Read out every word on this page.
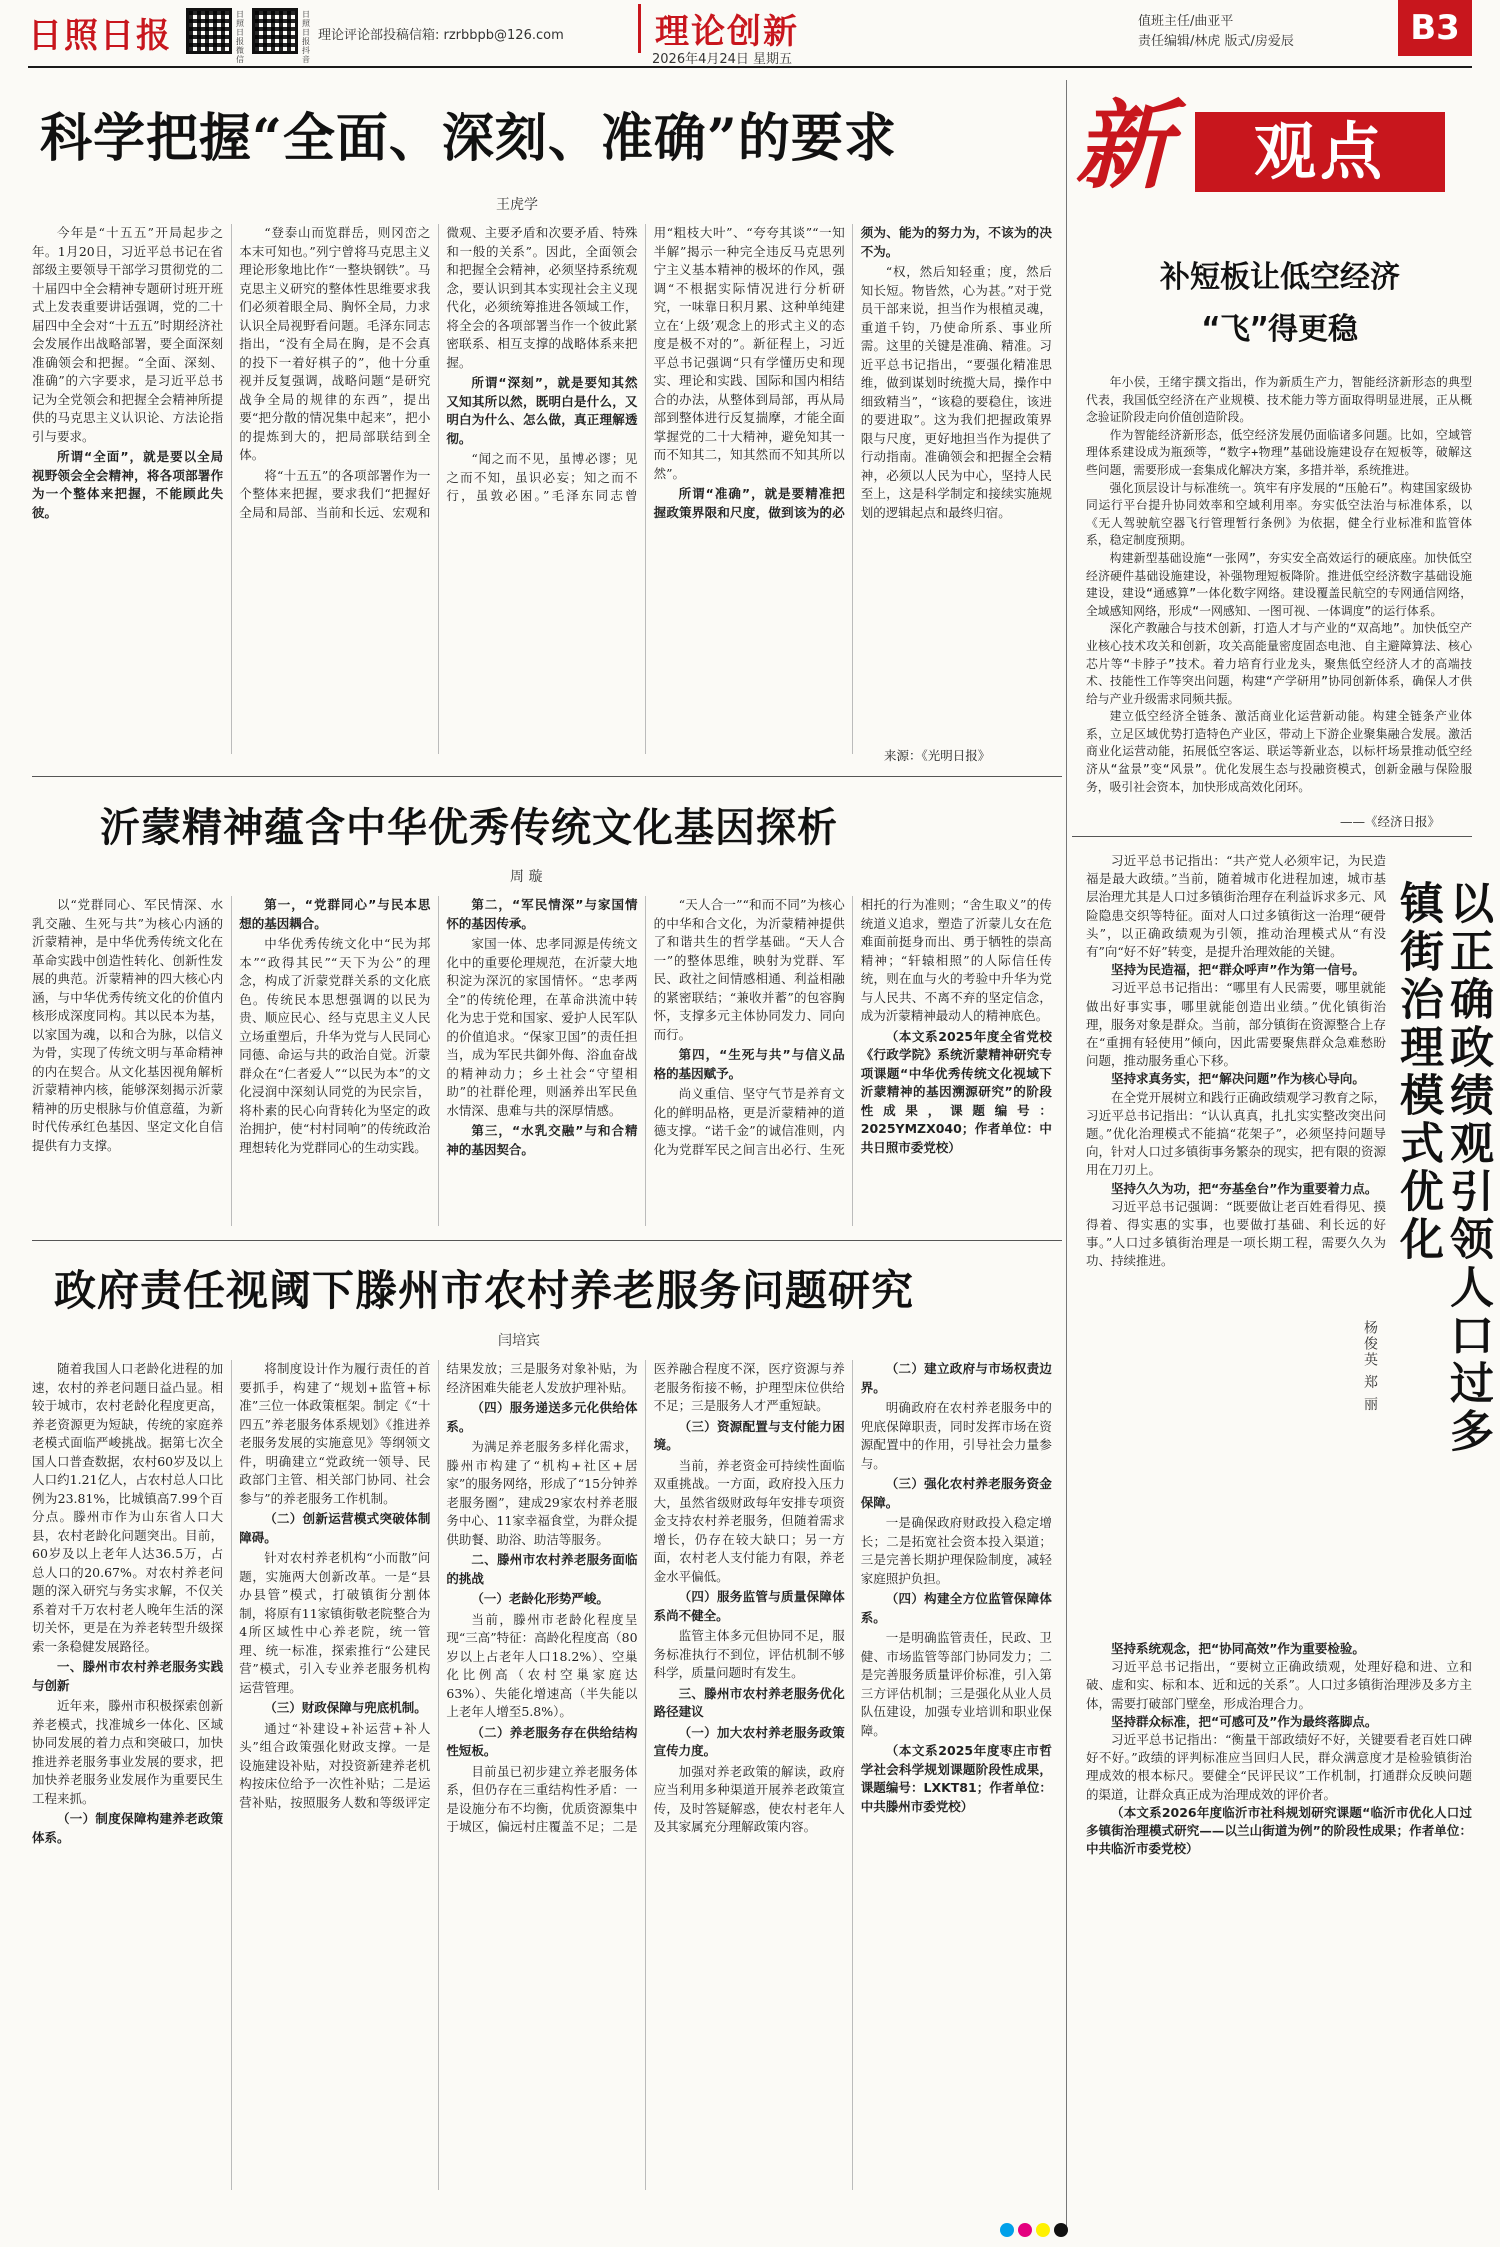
日照日报
日照日报微信
日照日报抖音
理论评论部投稿信箱: rzrbbpb@126.com	理论创新
2026年4月24日 星期五
值班主任/曲亚平
责任编辑/林虎 版式/房爱辰	B3
科学把握“全面、深刻、准确”的要求
王虎学

今年是“十五五”开局起步之年。1月20日，习近平总书记在省部级主要领导干部学习贯彻党的二十届四中全会精神专题研讨班开班式上发表重要讲话强调，党的二十届四中全会对“十五五”时期经济社会发展作出战略部署，要全面深刻准确领会和把握。“全面、深刻、准确”的六字要求，是习近平总书记为全党领会和把握全会精神所提供的马克思主义认识论、方法论指引与要求。

所谓“全面”，就是要以全局视野领会全会精神，将各项部署作为一个整体来把握，不能顾此失彼。

“登泰山而览群岳，则冈峦之本末可知也。”列宁曾将马克思主义理论形象地比作“一整块钢铁”。马克思主义研究的整体性思维要求我们必须着眼全局、胸怀全局，力求认识全局视野看问题。毛泽东同志指出，“没有全局在胸，是不会真的投下一着好棋子的”，他十分重视并反复强调，战略问题“是研究战争全局的规律的东西”，提出要“把分散的情况集中起来”，把小的提炼到大的，把局部联结到全体。

将“十五五”的各项部署作为一个整体来把握，要求我们“把握好全局和局部、当前和长远、宏观和微观、主要矛盾和次要矛盾、特殊和一般的关系”。因此，全面领会和把握全会精神，必须坚持系统观念，要认识到其本实现社会主义现代化，必须统筹推进各领域工作，将全会的各项部署当作一个彼此紧密联系、相互支撑的战略体系来把握。

所谓“深刻”，就是要知其然又知其所以然，既明白是什么，又明白为什么、怎么做，真正理解透彻。

“闻之而不见，虽博必谬；见之而不知，虽识必妄；知之而不行，虽敦必困。”毛泽东同志曾用“粗枝大叶”、“夸夸其谈”“一知半解”揭示一种完全违反马克思列宁主义基本精神的极坏的作风，强调“不根据实际情况进行分析研究，一味靠日积月累、这种单纯建立在‘上级’观念上的形式主义的态度是极不对的”。新征程上，习近平总书记强调“只有学懂历史和现实、理论和实践、国际和国内相结合的办法，从整体到局部，再从局部到整体进行反复揣摩，才能全面掌握党的二十大精神，避免知其一而不知其二，知其然而不知其所以然”。

所谓“准确”，就是要精准把握政策界限和尺度，做到该为的必须为、能为的努力为，不该为的决不为。

“权，然后知轻重；度，然后知长短。物皆然，心为甚。”对于党员干部来说，担当作为根植灵魂，重道千钧，乃使命所系、事业所需。这里的关键是准确、精准。习近平总书记指出，“要强化精准思维，做到谋划时统揽大局，操作中细致精当”，“该稳的要稳住，该进的要进取”。这为我们把握政策界限与尺度，更好地担当作为提供了行动指南。准确领会和把握全会精神，必须以人民为中心，坚持人民至上，这是科学制定和接续实施规划的逻辑起点和最终归宿。

来源：《光明日报》
新	观点
补短板让低空经济
“飞”得更稳

年小侯，王绪宇撰文指出，作为新质生产力，智能经济新形态的典型代表，我国低空经济在产业规模、技术能力等方面取得明显进展，正从概念验证阶段走向价值创造阶段。

作为智能经济新形态，低空经济发展仍面临诸多问题。比如，空域管理体系建设成为瓶颈等，“数字+物理”基础设施建设存在短板等，破解这些问题，需要形成一套集成化解决方案，多措并举，系统推进。

强化顶层设计与标准统一。筑牢有序发展的“压舱石”。构建国家级协同运行平台提升协同效率和空域利用率。夯实低空法治与标准体系，以《无人驾驶航空器飞行管理暂行条例》为依据，健全行业标准和监管体系，稳定制度预期。

构建新型基础设施“一张网”，夯实安全高效运行的硬底座。加快低空经济硬件基础设施建设，补强物理短板降阶。推进低空经济数字基础设施建设，建设“通感算”一体化数字网络。建设覆盖民航空的专网通信网络，全域感知网络，形成“一网感知、一图可视、一体调度”的运行体系。

深化产教融合与技术创新，打造人才与产业的“双高地”。加快低空产业核心技术攻关和创新，攻关高能量密度固态电池、自主避障算法、核心芯片等“卡脖子”技术。着力培育行业龙头，聚焦低空经济人才的高端技术、技能性工作等突出问题，构建“产学研用”协同创新体系，确保人才供给与产业升级需求同频共振。

建立低空经济全链条、激活商业化运营新动能。构建全链条产业体系，立足区域优势打造特色产业区，带动上下游企业聚集融合发展。激活商业化运营动能，拓展低空客运、联运等新业态，以标杆场景推动低空经济从“盆景”变“风景”。优化发展生态与投融资模式，创新金融与保险服务，吸引社会资本，加快形成高效化闭环。

——《经济日报》
沂蒙精神蕴含中华优秀传统文化基因探析
周 璇

以“党群同心、军民情深、水乳交融、生死与共”为核心内涵的沂蒙精神，是中华优秀传统文化在革命实践中创造性转化、创新性发展的典范。沂蒙精神的四大核心内涵，与中华优秀传统文化的价值内核形成深度同构。其以民本为基，以家国为魂，以和合为脉，以信义为骨，实现了传统文明与革命精神的内在契合。从文化基因视角解析沂蒙精神内核，能够深刻揭示沂蒙精神的历史根脉与价值意蕴，为新时代传承红色基因、坚定文化自信提供有力支撑。

第一，“党群同心”与民本思想的基因耦合。

中华优秀传统文化中“民为邦本”“政得其民”“天下为公”的理念，构成了沂蒙党群关系的文化底色。传统民本思想强调的以民为贵、顺应民心、经与克思主义人民立场重塑后，升华为党与人民同心同德、命运与共的政治自觉。沂蒙群众在“仁者爱人”“以民为本”的文化浸润中深刻认同党的为民宗旨，将朴素的民心向背转化为坚定的政治拥护，使“村村同响”的传统政治理想转化为党群同心的生动实践。

第二，“军民情深”与家国情怀的基因传承。

家国一体、忠孝同源是传统文化中的重要伦理规范，在沂蒙大地积淀为深沉的家国情怀。“忠孝两全”的传统伦理，在革命洪流中转化为忠于党和国家、爱护人民军队的价值追求。“保家卫国”的责任担当，成为军民共御外侮、浴血奋战的精神动力；乡土社会“守望相助”的社群伦理，则涵养出军民鱼水情深、患难与共的深厚情感。

第三，“水乳交融”与和合精神的基因契合。

“天人合一”“和而不同”为核心的中华和合文化，为沂蒙精神提供了和谐共生的哲学基础。“天人合一”的整体思维，映射为党群、军民、政社之间情感相通、利益相融的紧密联结；“兼收并蓄”的包容胸怀，支撑多元主体协同发力、同向而行。

第四，“生死与共”与信义品格的基因赋予。

尚义重信、坚守气节是养育文化的鲜明品格，更是沂蒙精神的道德支撑。“诺千金”的诚信准则，内化为党群军民之间言出必行、生死相托的行为准则；“舍生取义”的传统道义追求，塑造了沂蒙儿女在危难面前挺身而出、勇于牺牲的崇高精神；“轩辕相照”的人际信任传统，则在血与火的考验中升华为党与人民共、不离不弃的坚定信念，成为沂蒙精神最动人的精神底色。

（本文系2025年度全省党校《行政学院》系统沂蒙精神研究专项课题“中华优秀传统文化视域下沂蒙精神的基因溯源研究”的阶段性成果，课题编号：2025YMZX040；作者单位：中共日照市委党校）

政府责任视阈下滕州市农村养老服务问题研究
闫培宾

随着我国人口老龄化进程的加速，农村的养老问题日益凸显。相较于城市，农村老龄化程度更高，养老资源更为短缺，传统的家庭养老模式面临严峻挑战。据第七次全国人口普查数据，农村60岁及以上人口约1.21亿人，占农村总人口比例为23.81%，比城镇高7.99个百分点。滕州市作为山东省人口大县，农村老龄化问题突出。目前，60岁及以上老年人达36.5万，占总人口的20.67%。对农村养老问题的深入研究与务实求解，不仅关系着对千万农村老人晚年生活的深切关怀，更是在为养老转型升级探索一条稳健发展路径。

一、滕州市农村养老服务实践与创新

近年来，滕州市积极探索创新养老模式，找准城乡一体化、区域协同发展的着力点和突破口，加快推进养老服务事业发展的要求，把加快养老服务业发展作为重要民生工程来抓。

（一）制度保障构建养老政策体系。

将制度设计作为履行责任的首要抓手，构建了“规划+监管+标准”三位一体政策框架。制定《“十四五”养老服务体系规划》《推进养老服务发展的实施意见》等纲领文件，明确建立“党政统一领导、民政部门主管、相关部门协同、社会参与”的养老服务工作机制。

（二）创新运营模式突破体制障碍。

针对农村养老机构“小而散”问题，实施两大创新改革。一是“县办县管”模式，打破镇街分割体制，将原有11家镇街敬老院整合为4所区域性中心养老院，统一管理、统一标准，探索推行“公建民营”模式，引入专业养老服务机构运营管理。

（三）财政保障与兜底机制。

通过“补建设+补运营+补人头”组合政策强化财政支撑。一是设施建设补贴，对投资新建养老机构按床位给予一次性补贴；二是运营补贴，按照服务人数和等级评定结果发放；三是服务对象补贴，为经济困难失能老人发放护理补贴。

（四）服务递送多元化供给体系。

为满足养老服务多样化需求，滕州市构建了“机构+社区+居家”的服务网络，形成了“15分钟养老服务圈”，建成29家农村养老服务中心、11家幸福食堂，为群众提供助餐、助浴、助洁等服务。

二、滕州市农村养老服务面临的挑战

（一）老龄化形势严峻。

当前，滕州市老龄化程度呈现“三高”特征：高龄化程度高（80岁以上占老年人口18.2%）、空巢化比例高（农村空巢家庭达63%）、失能化增速高（半失能以上老年人增至5.8%）。

（二）养老服务存在供给结构性短板。

目前虽已初步建立养老服务体系，但仍存在三重结构性矛盾：一是设施分布不均衡，优质资源集中于城区，偏远村庄覆盖不足；二是医养融合程度不深，医疗资源与养老服务衔接不畅，护理型床位供给不足；三是服务人才严重短缺。

（三）资源配置与支付能力困境。

当前，养老资金可持续性面临双重挑战。一方面，政府投入压力大，虽然省级财政每年安排专项资金支持农村养老服务，但随着需求增长，仍存在较大缺口；另一方面，农村老人支付能力有限，养老金水平偏低。

（四）服务监管与质量保障体系尚不健全。

监管主体多元但协同不足，服务标准执行不到位，评估机制不够科学，质量问题时有发生。

三、滕州市农村养老服务优化路径建议

（一）加大农村养老服务政策宣传力度。

加强对养老政策的解读，政府应当利用多种渠道开展养老政策宣传，及时答疑解惑，使农村老年人及其家属充分理解政策内容。

（二）建立政府与市场权责边界。

明确政府在农村养老服务中的兜底保障职责，同时发挥市场在资源配置中的作用，引导社会力量参与。

（三）强化农村养老服务资金保障。

一是确保政府财政投入稳定增长；二是拓宽社会资本投入渠道；三是完善长期护理保险制度，减轻家庭照护负担。

（四）构建全方位监管保障体系。

一是明确监管责任，民政、卫健、市场监管等部门协同发力；二是完善服务质量评价标准，引入第三方评估机制；三是强化从业人员队伍建设，加强专业培训和职业保障。

（本文系2025年度枣庄市哲学社会科学规划课题阶段性成果，课题编号：LXKT81；作者单位：中共滕州市委党校）

以正确政绩观引领人口过多镇街治理模式优化
杨俊英 郑 丽

习近平总书记指出：“共产党人必须牢记，为民造福是最大政绩。”当前，随着城市化进程加速，城市基层治理尤其是人口过多镇街治理存在利益诉求多元、风险隐患交织等特征。面对人口过多镇街这一治理“硬骨头”，以正确政绩观为引领，推动治理模式从“有没有”向“好不好”转变，是提升治理效能的关键。

坚持为民造福，把“群众呼声”作为第一信号。

习近平总书记指出：“哪里有人民需要，哪里就能做出好事实事，哪里就能创造出业绩。”优化镇街治理，服务对象是群众。当前，部分镇街在资源整合上存在“重拥有轻使用”倾向，因此需要聚焦群众急难愁盼问题，推动服务重心下移。

坚持求真务实，把“解决问题”作为核心导向。

在全党开展树立和践行正确政绩观学习教育之际，习近平总书记指出：“认认真真，扎扎实实整改突出问题。”优化治理模式不能搞“花架子”，必须坚持问题导向，针对人口过多镇街事务繁杂的现实，把有限的资源用在刀刃上。

坚持久久为功，把“夯基垒台”作为重要着力点。

习近平总书记强调：“既要做让老百姓看得见、摸得着、得实惠的实事，也要做打基础、利长远的好事。”人口过多镇街治理是一项长期工程，需要久久为功、持续推进。

坚持系统观念，把“协同高效”作为重要检验。

习近平总书记指出，“要树立正确政绩观，处理好稳和进、立和破、虚和实、标和本、近和远的关系”。人口过多镇街治理涉及多方主体，需要打破部门壁垒，形成治理合力。

坚持群众标准，把“可感可及”作为最终落脚点。

习近平总书记指出：“衡量干部政绩好不好，关键要看老百姓口碑好不好。”政绩的评判标准应当回归人民，群众满意度才是检验镇街治理成效的根本标尺。要健全“民评民议”工作机制，打通群众反映问题的渠道，让群众真正成为治理成效的评价者。

（本文系2026年度临沂市社科规划研究课题“临沂市优化人口过多镇街治理模式研究——以兰山街道为例”的阶段性成果；作者单位：中共临沂市委党校）
